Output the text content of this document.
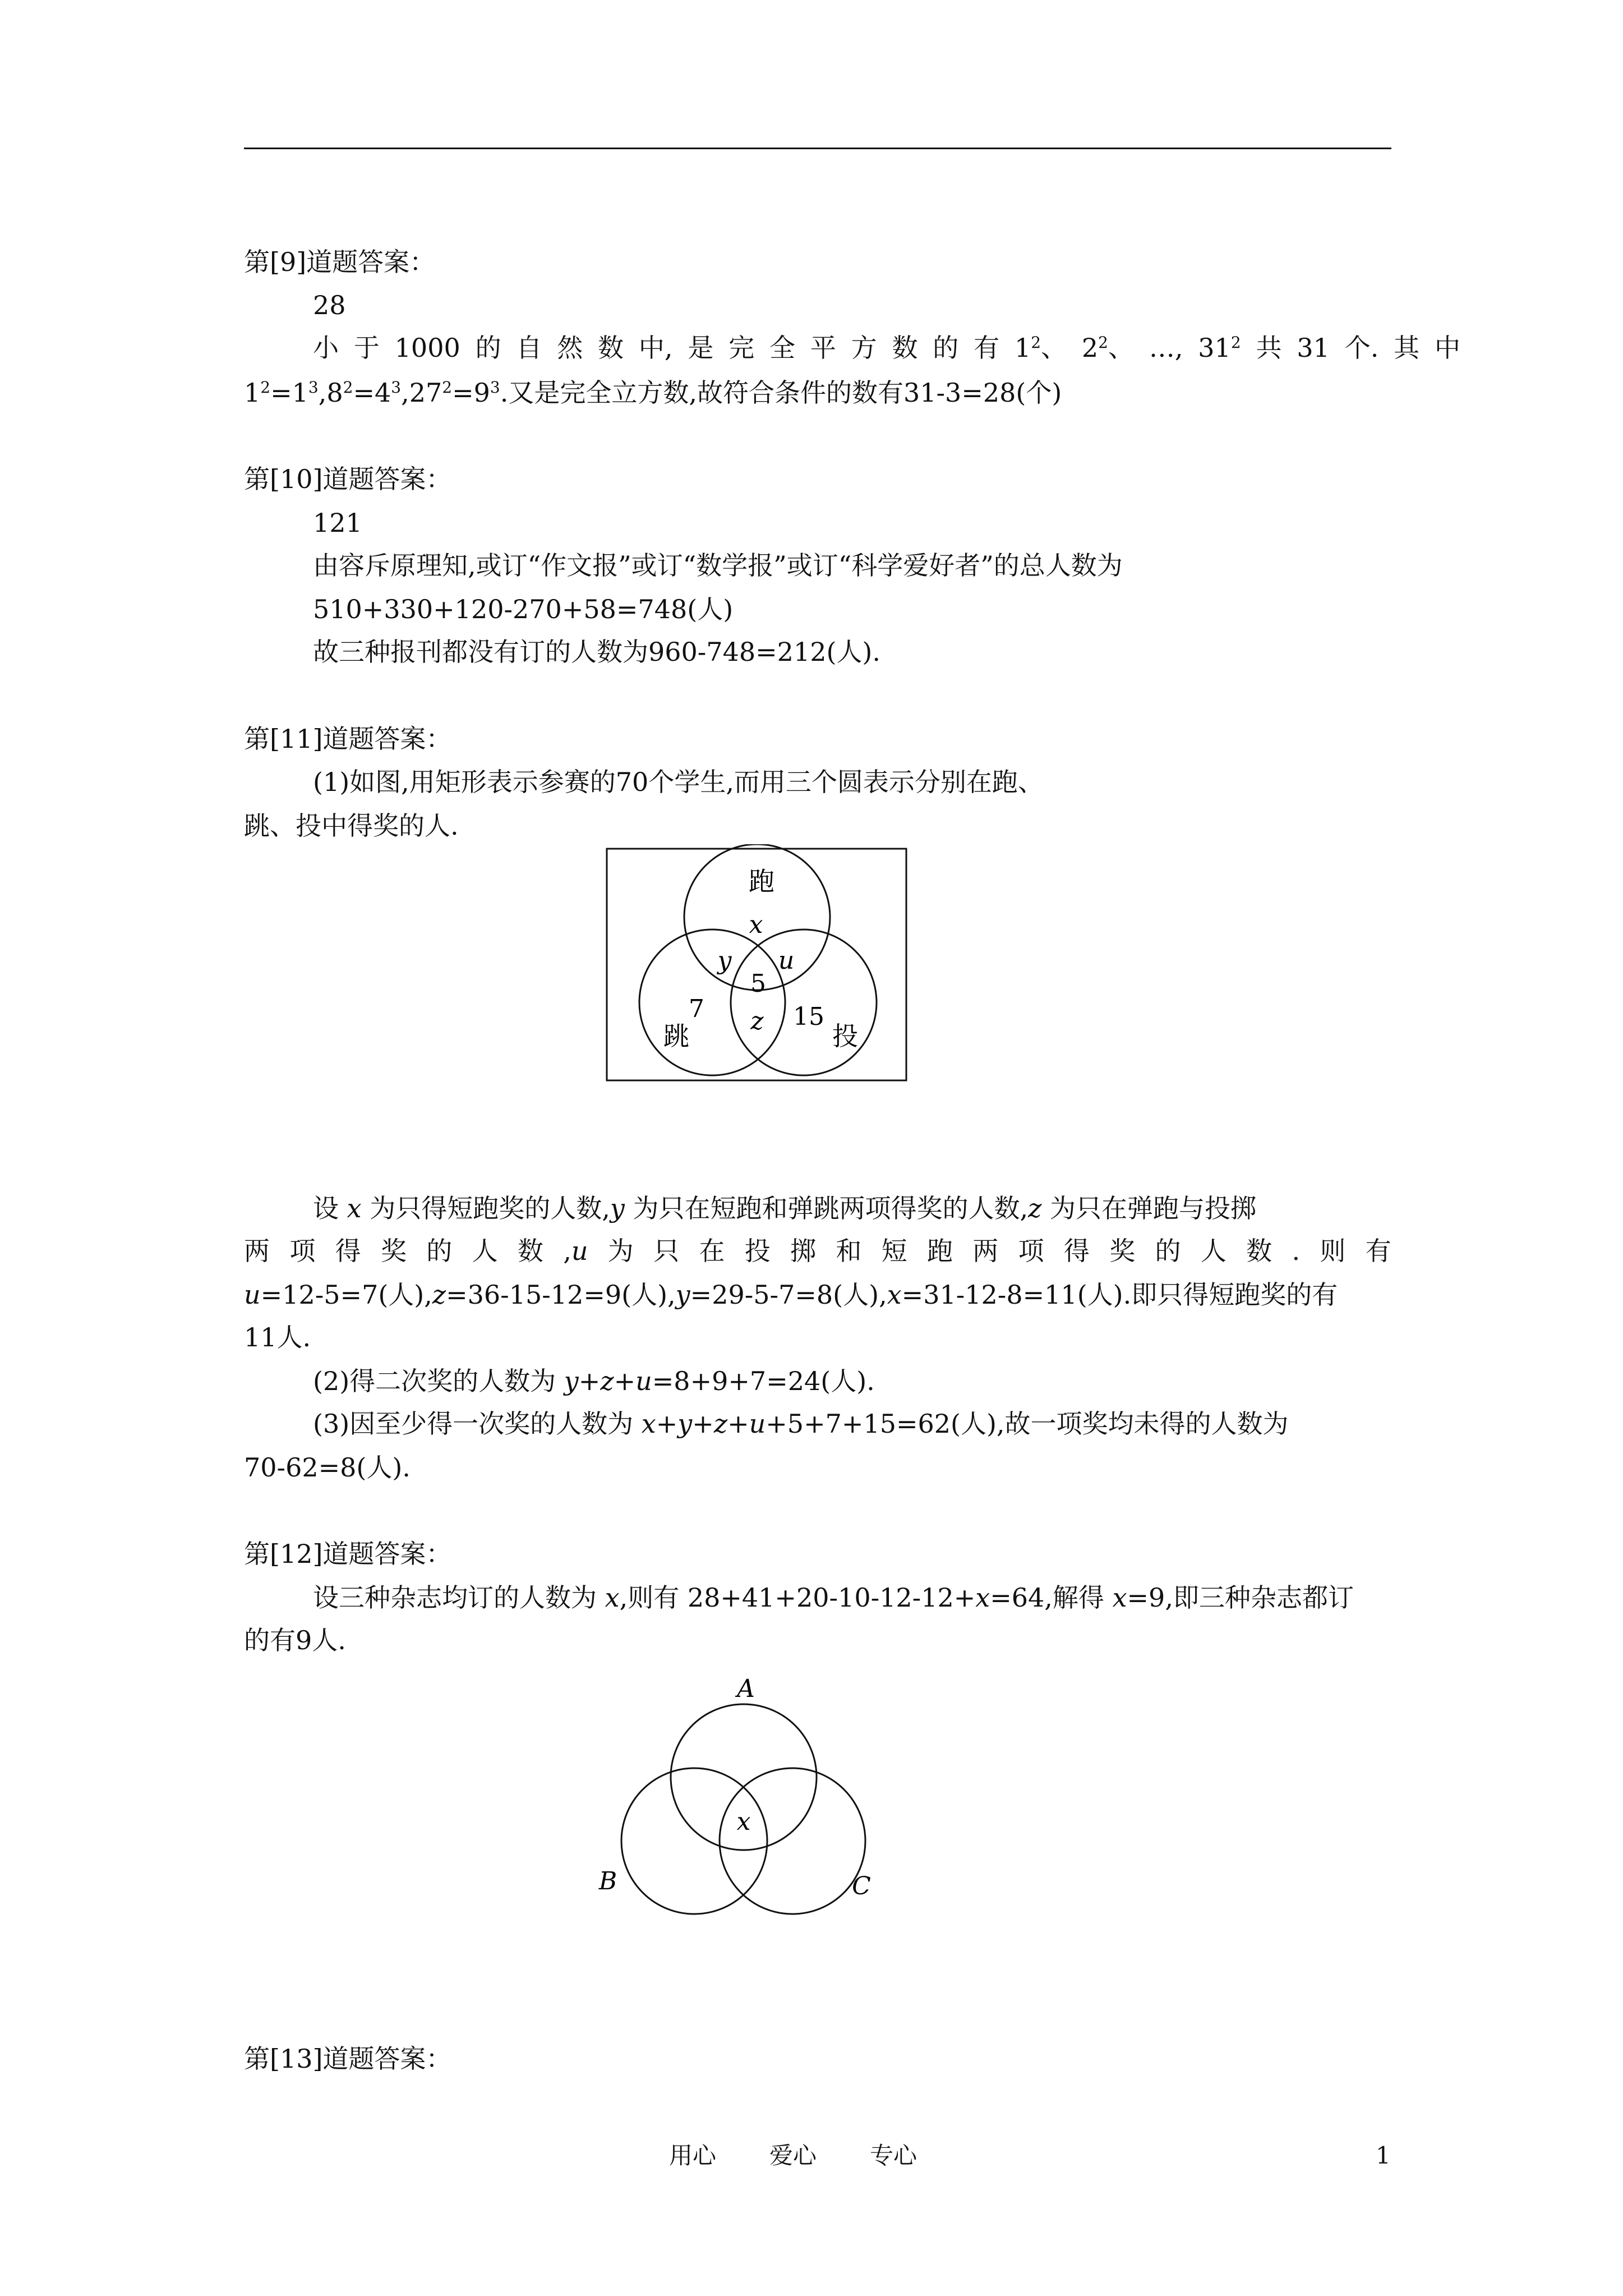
第[9]道题答案：
28
小 于 1000 的 自 然 数 中, 是 完 全 平 方 数 的 有 $1^2$、 $2^2$、 …, $31^2$ 共 31 个. 其 中
$1^2=1^3,8^2=4^3,27^2=9^3$.又是完全立方数,故符合条件的数有31-3=28(个)
第[10]道题答案：
121
由容斥原理知,或订“作文报”或订“数学报”或订“科学爱好者”的总人数为
510+330+120-270+58=748(人)
故三种报刊都没有订的人数为960-748=212(人).
第[11]道题答案：
(1)如图,用矩形表示参赛的70个学生,而用三个圆表示分别在跑、
跳、投中得奖的人.
跑
x
y u
5
7	15
z
跳	投
设 x 为只得短跑奖的人数,y 为只在短跑和弹跳两项得奖的人数,z 为只在弹跑与投掷
两 项 得 奖 的 人 数 ,u 为 只 在 投 掷 和 短 跑 两 项 得 奖 的 人 数 . 则 有
u=12-5=7(人),z=36-15-12=9(人),y=29-5-7=8(人),x=31-12-8=11(人).即只得短跑奖的有
11人.
(2)得二次奖的人数为 y+z+u=8+9+7=24(人).
(3)因至少得一次奖的人数为 x+y+z+u+5+7+15=62(人),故一项奖均未得的人数为
70-62=8(人).
第[12]道题答案：
设三种杂志均订的人数为 x,则有 28+41+20-10-12-12+x=64,解得 x=9,即三种杂志都订
的有9人.
A
x
B	C
第[13]道题答案：
用心 爱心 专心	1
